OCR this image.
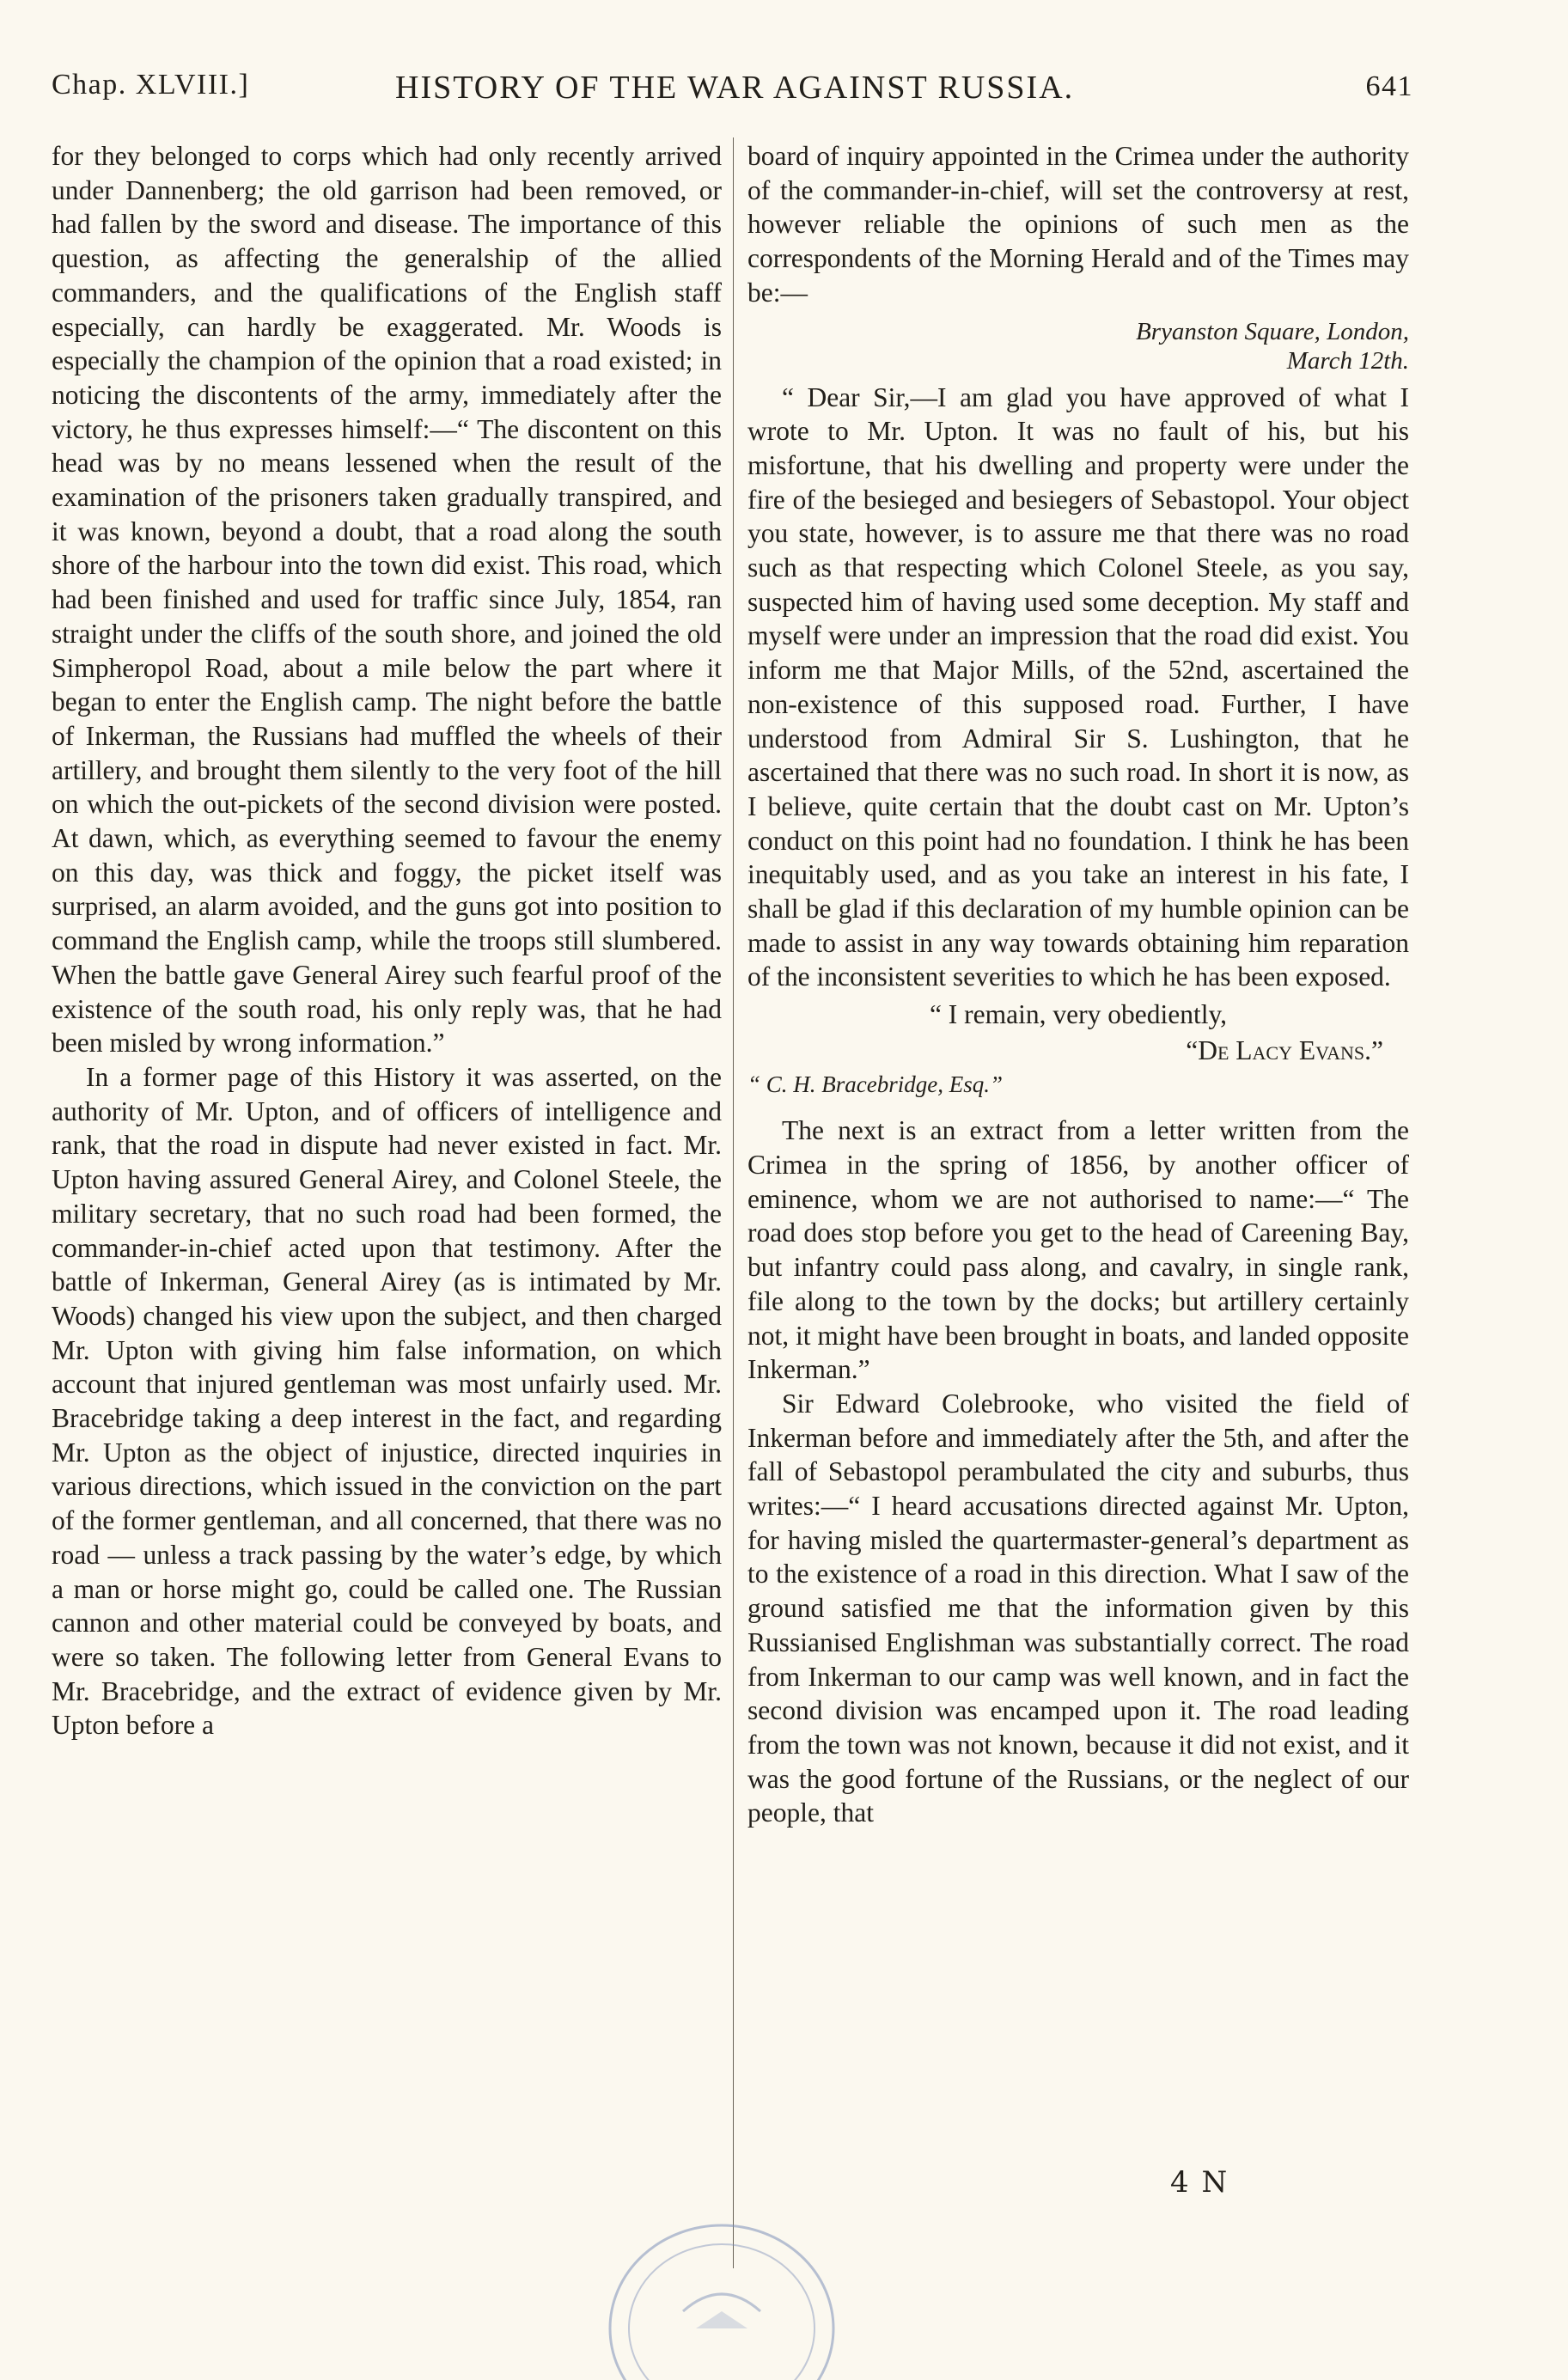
Chap. XLVIII.]	HISTORY OF THE WAR AGAINST RUSSIA.	641

for they belonged to corps which had only recently arrived under Dannenberg; the old garrison had been removed, or had fallen by the sword and disease. The importance of this question, as affecting the generalship of the allied commanders, and the qualifications of the English staff especially, can hardly be exaggerated. Mr. Woods is especially the champion of the opinion that a road existed; in noticing the discontents of the army, immediately after the victory, he thus expresses himself:—“ The discontent on this head was by no means lessened when the result of the examination of the prisoners taken gradually transpired, and it was known, beyond a doubt, that a road along the south shore of the harbour into the town did exist. This road, which had been finished and used for traffic since July, 1854, ran straight under the cliffs of the south shore, and joined the old Simpheropol Road, about a mile below the part where it began to enter the English camp. The night before the battle of Inkerman, the Russians had muffled the wheels of their artillery, and brought them silently to the very foot of the hill on which the out-pickets of the second division were posted. At dawn, which, as everything seemed to favour the enemy on this day, was thick and foggy, the picket itself was surprised, an alarm avoided, and the guns got into position to command the English camp, while the troops still slumbered. When the battle gave General Airey such fearful proof of the existence of the south road, his only reply was, that he had been misled by wrong information.”

In a former page of this History it was asserted, on the authority of Mr. Upton, and of officers of intelligence and rank, that the road in dispute had never existed in fact. Mr. Upton having assured General Airey, and Colonel Steele, the military secretary, that no such road had been formed, the commander-in-chief acted upon that testimony. After the battle of Inkerman, General Airey (as is intimated by Mr. Woods) changed his view upon the subject, and then charged Mr. Upton with giving him false information, on which account that injured gentleman was most unfairly used. Mr. Bracebridge taking a deep interest in the fact, and regarding Mr. Upton as the object of injustice, directed inquiries in various directions, which issued in the conviction on the part of the former gentleman, and all concerned, that there was no road — unless a track passing by the water’s edge, by which a man or horse might go, could be called one. The Russian cannon and other material could be conveyed by boats, and were so taken. The following letter from General Evans to Mr. Bracebridge, and the extract of evidence given by Mr. Upton before a

board of inquiry appointed in the Crimea under the authority of the commander-in-chief, will set the controversy at rest, however reliable the opinions of such men as the correspondents of the Morning Herald and of the Times may be:—

Bryanston Square, London,
March 12th.

“ Dear Sir,—I am glad you have approved of what I wrote to Mr. Upton. It was no fault of his, but his misfortune, that his dwelling and property were under the fire of the besieged and besiegers of Sebastopol. Your object you state, however, is to assure me that there was no road such as that respecting which Colonel Steele, as you say, suspected him of having used some deception. My staff and myself were under an impression that the road did exist. You inform me that Major Mills, of the 52nd, ascertained the non-existence of this supposed road. Further, I have understood from Admiral Sir S. Lushington, that he ascertained that there was no such road. In short it is now, as I believe, quite certain that the doubt cast on Mr. Upton’s conduct on this point had no foundation. I think he has been inequitably used, and as you take an interest in his fate, I shall be glad if this declaration of my humble opinion can be made to assist in any way towards obtaining him reparation of the inconsistent severities to which he has been exposed.

“ I remain, very obediently,

“De Lacy Evans.”

“ C. H. Bracebridge, Esq.”

The next is an extract from a letter written from the Crimea in the spring of 1856, by another officer of eminence, whom we are not authorised to name:—“ The road does stop before you get to the head of Careening Bay, but infantry could pass along, and cavalry, in single rank, file along to the town by the docks; but artillery certainly not, it might have been brought in boats, and landed opposite Inkerman.”

Sir Edward Colebrooke, who visited the field of Inkerman before and immediately after the 5th, and after the fall of Sebastopol perambulated the city and suburbs, thus writes:—“ I heard accusations directed against Mr. Upton, for having misled the quartermaster-general’s department as to the existence of a road in this direction. What I saw of the ground satisfied me that the information given by this Russianised Englishman was substantially correct. The road from Inkerman to our camp was well known, and in fact the second division was encamped upon it. The road leading from the town was not known, because it did not exist, and it was the good fortune of the Russians, or the neglect of our people, that

4 N
